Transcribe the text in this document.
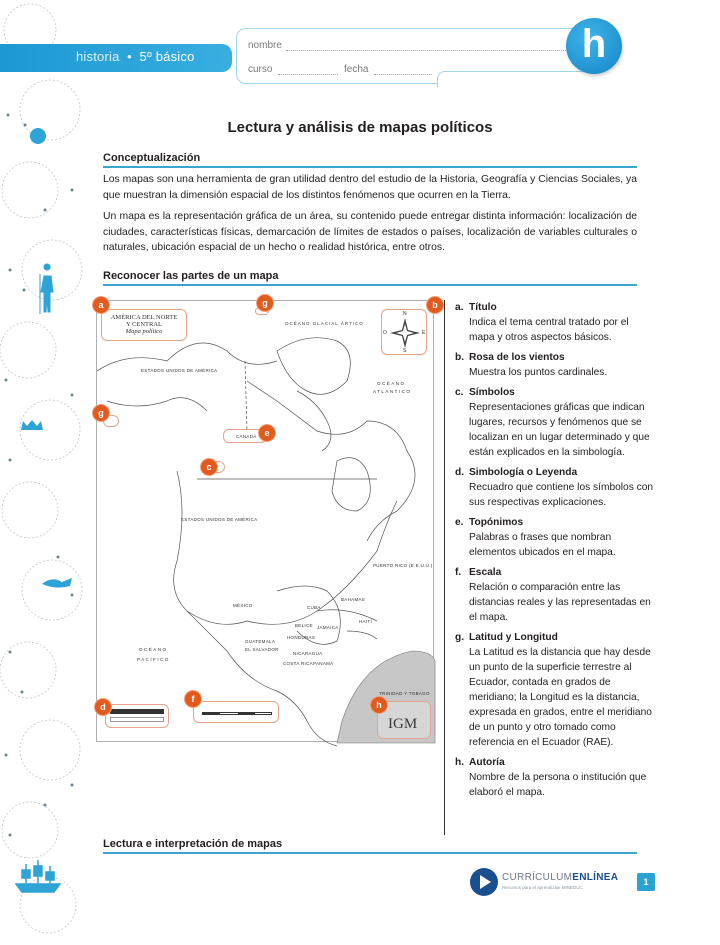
historia • 5º básico
nombre
curso	fecha
h
Lectura y análisis de mapas políticos
Conceptualización

Los mapas son una herramienta de gran utilidad dentro del estudio de la Historia, Geografía y Ciencias Sociales, ya que muestran la dimensión espacial de los distintos fenómenos que ocurren en la Tierra.

Un mapa es la representación gráfica de un área, su contenido puede entregar distinta información: localización de ciudades, características físicas, demarcación de límites de estados o países, localización de variables culturales o naturales, ubicación espacial de un hecho o realidad histórica, entre otros.

Reconocer las partes de un mapa
AMÉRICA DEL NORTE
Y CENTRAL
Mapa político
a	g
N
S
E
O
b
OCÉANO GLACIAL ÁRTICO
OCÉANO
ATLÁNTICO
OCÉANO
PACÍFICO
ESTADOS UNIDOS DE AMÉRICA
CANADÁ e
ESTADOS UNIDOS DE AMÉRICA
MÉXICO
GUATEMALA
EL SALVADOR
HONDURAS
NICARAGUA
COSTA RICA PANAMÁ
CUBA
BELICE JAMAICA
BAHAMAS
HAITÍ
PUERTO RICO (E.E.U.U.)
TRINIDAD Y TOBAGO
c
g
d
f
IGM
h
a. Título
Indica el tema central tratado por el mapa y otros aspectos básicos.
b. Rosa de los vientos
Muestra los puntos cardinales.
c. Símbolos
Representaciones gráficas que indican lugares, recursos y fenómenos que se localizan en un lugar determinado y que están explicados en la simbología.
d. Simbología o Leyenda
Recuadro que contiene los símbolos con sus respectivas explicaciones.
e. Topónimos
Palabras o frases que nombran elementos ubicados en el mapa.
f. Escala
Relación o comparación entre las distancias reales y las representadas en el mapa.
g. Latitud y Longitud
La Latitud es la distancia que hay desde un punto de la superficie terrestre al Ecuador, contada en grados de meridiano; la Longitud es la distancia, expresada en grados, entre el meridiano de un punto y otro tomado como referencia en el Ecuador (RAE).
h. Autoría
Nombre de la persona o institución que elaboró el mapa.
Lectura e interpretación de mapas
CURRÍCULUMENLÍNEA
Recursos para el aprendizaje MINEDUC
1
